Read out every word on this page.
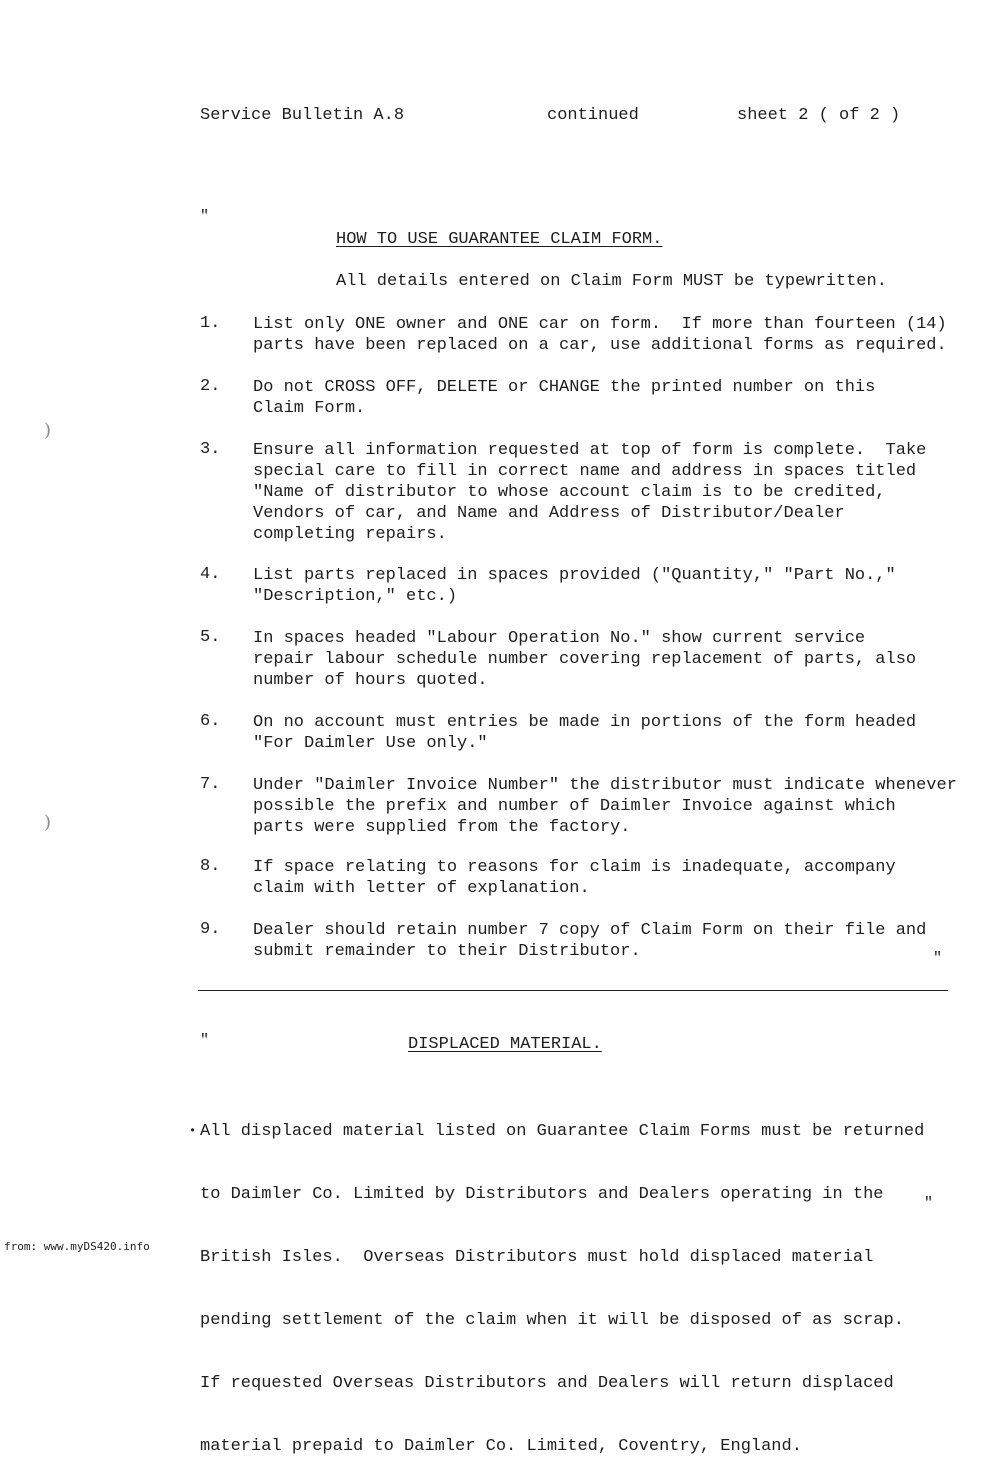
Service Bulletin A.8	continued	sheet 2 ( of 2 )
"
HOW TO USE GUARANTEE CLAIM FORM.
All details entered on Claim Form MUST be typewritten.
1. List only ONE owner and ONE car on form.  If more than fourteen (14)
parts have been replaced on a car, use additional forms as required.
2. Do not CROSS OFF, DELETE or CHANGE the printed number on this
Claim Form.
3. Ensure all information requested at top of form is complete.  Take
special care to fill in correct name and address in spaces titled
"Name of distributor to whose account claim is to be credited,
Vendors of car, and Name and Address of Distributor/Dealer
completing repairs.
4. List parts replaced in spaces provided ("Quantity," "Part No.,"
"Description," etc.)
5. In spaces headed "Labour Operation No." show current service
repair labour schedule number covering replacement of parts, also
number of hours quoted.
6. On no account must entries be made in portions of the form headed
"For Daimler Use only."
7. Under "Daimler Invoice Number" the distributor must indicate whenever
possible the prefix and number of Daimler Invoice against which
parts were supplied from the factory.
8. If space relating to reasons for claim is inadequate, accompany
claim with letter of explanation.
9. Dealer should retain number 7 copy of Claim Form on their file and
submit remainder to their Distributor.	"
"	DISPLACED MATERIAL.

All displaced material listed on Guarantee Claim Forms must be returned

to Daimler Co. Limited by Distributors and Dealers operating in the

British Isles.  Overseas Distributors must hold displaced material

pending settlement of the claim when it will be disposed of as scrap.

If requested Overseas Distributors and Dealers will return displaced

material prepaid to Daimler Co. Limited, Coventry, England.

•
"
)
)
from: www.myDS420.info
